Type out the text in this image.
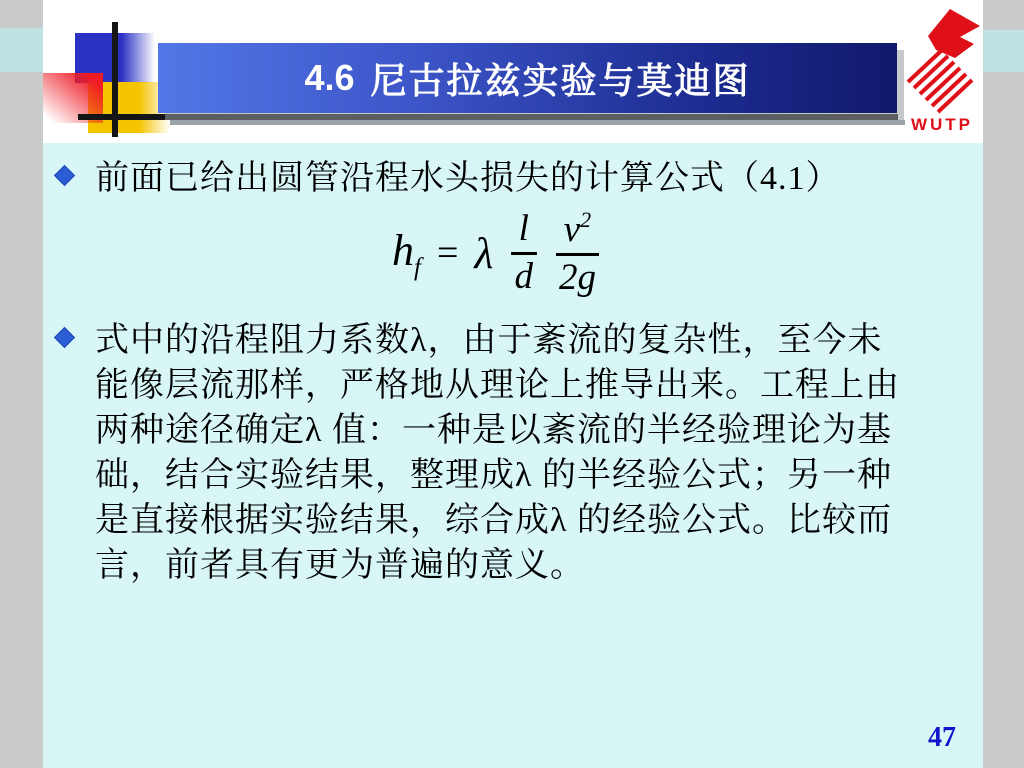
4.6 尼古拉兹实验与莫迪图
WUTP
前面已给出圆管沿程水头损失的计算公式（4.1）
$h_f = \lambda \frac{l}{d} \frac{v^2}{2g}$
式中的沿程阻力系数λ，由于紊流的复杂性，至今未
能像层流那样，严格地从理论上推导出来。工程上由
两种途径确定λ 值：一种是以紊流的半经验理论为基
础，结合实验结果，整理成λ 的半经验公式；另一种
是直接根据实验结果，综合成λ 的经验公式。比较而
言，前者具有更为普遍的意义。
47
